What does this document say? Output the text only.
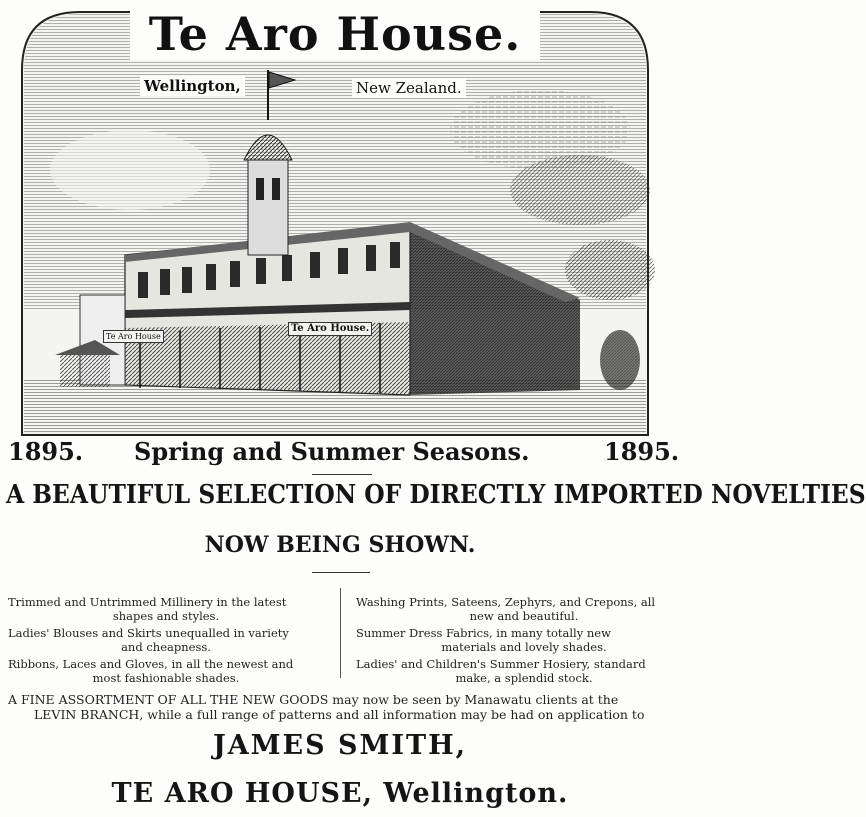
Te Aro House.
Wellington,	New Zealand.
Te Aro House.
Te Aro House
1895. Spring and Summer Seasons.	1895.
A BEAUTIFUL SELECTION OF DIRECTLY IMPORTED NOVELTIES
NOW BEING SHOWN.
Trimmed and Untrimmed Millinery in the latest
shapes and styles.
Ladies' Blouses and Skirts unequalled in variety
and cheapness.
Ribbons, Laces and Gloves, in all the newest and
most fashionable shades.
Washing Prints, Sateens, Zephyrs, and Crepons, all
new and beautiful.
Summer Dress Fabrics, in many totally new
materials and lovely shades.
Ladies' and Children's Summer Hosiery, standard
make, a splendid stock.
A FINE ASSORTMENT OF ALL THE NEW GOODS may now be seen by Manawatu clients at the
LEVIN BRANCH, while a full range of patterns and all information may be had on application to
JAMES SMITH,
TE ARO HOUSE, Wellington.
